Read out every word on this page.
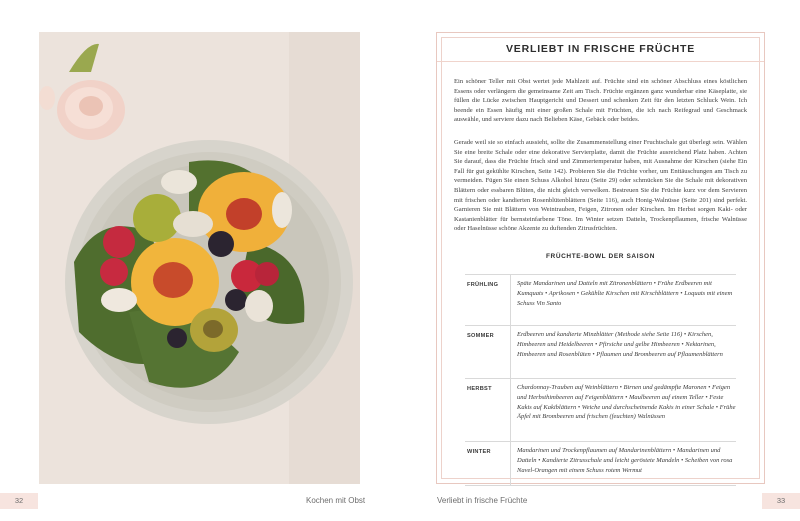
VERLIEBT IN FRISCHE FRÜCHTE

Ein schöner Teller mit Obst wertet jede Mahlzeit auf. Früchte sind ein schöner Abschluss eines köstlichen Essens oder verlängern die gemeinsame Zeit am Tisch. Früchte ergänzen ganz wunderbar eine Käseplatte, sie füllen die Lücke zwischen Hauptgericht und Dessert und schenken Zeit für den letzten Schluck Wein. Ich beende ein Essen häufig mit einer großen Schale mit Früchten, die ich nach Reifegrad und Geschmack auswähle, und serviere dazu nach Belieben Käse, Gebäck oder beides.

Gerade weil sie so einfach aussieht, sollte die Zusammenstellung einer Fruchtschale gut überlegt sein. Wählen Sie eine breite Schale oder eine dekorative Servierplatte, damit die Früchte ausreichend Platz haben. Achten Sie darauf, dass die Früchte frisch sind und Zimmertemperatur haben, mit Ausnahme der Kirschen (siehe Ein Fall für gut gekühlte Kirschen, Seite 142). Probieren Sie die Früchte vorher, um Enttäuschungen am Tisch zu vermeiden. Fügen Sie einen Schuss Alkohol hinzu (Seite 29) oder schmücken Sie die Schale mit dekorativen Blättern oder essbaren Blüten, die nicht gleich verwelken. Bestreuen Sie die Früchte kurz vor dem Servieren mit frischen oder kandierten Rosenblütenblättern (Seite 116), auch Honig-Walnüsse (Seite 201) sind perfekt. Garnieren Sie mit Blättern von Weintrauben, Feigen, Zitronen oder Kirschen. Im Herbst sorgen Kaki- oder Kastanienblätter für bernsteinfarbene Töne. Im Winter setzen Datteln, Trockenpflaumen, frische Walnüsse oder Haselnüsse schöne Akzente zu duftenden Zitrusfrüchten.

FRÜCHTE-BOWL DER SAISON
FRÜHLING	Späte Mandarinen und Datteln mit Zitronenblättern • Frühe Erdbeeren mit Kumquats • Aprikosen • Gekühlte Kirschen mit Kirschblättern • Loquats mit einem Schuss Vin Santo
SOMMER	Erdbeeren und kandierte Minzblätter (Methode siehe Seite 116) • Kirschen, Himbeeren und Heidelbeeren • Pfirsiche und gelbe Himbeeren • Nektarinen, Himbeeren und Rosenblüten • Pflaumen und Brombeeren auf Pflaumenblättern
HERBST	Chardonnay-Trauben auf Weinblättern • Birnen und gedämpfte Maronen • Feigen und Herbsthimbeeren auf Feigenblättern • Maulbeeren auf einem Teller • Feste Kakis auf Kakiblättern • Weiche und durchscheinende Kakis in einer Schale • Frühe Äpfel mit Brombeeren und frischen (feuchten) Walnüssen
WINTER	Mandarinen und Trockenpflaumen auf Mandarinenblättern • Mandarinen und Datteln • Kandierte Zitrusschale und leicht geröstete Mandeln • Scheiben von rosa Navel-Orangen mit einem Schuss rotem Wermut
32	Kochen mit Obst	Verliebt in frische Früchte	33
